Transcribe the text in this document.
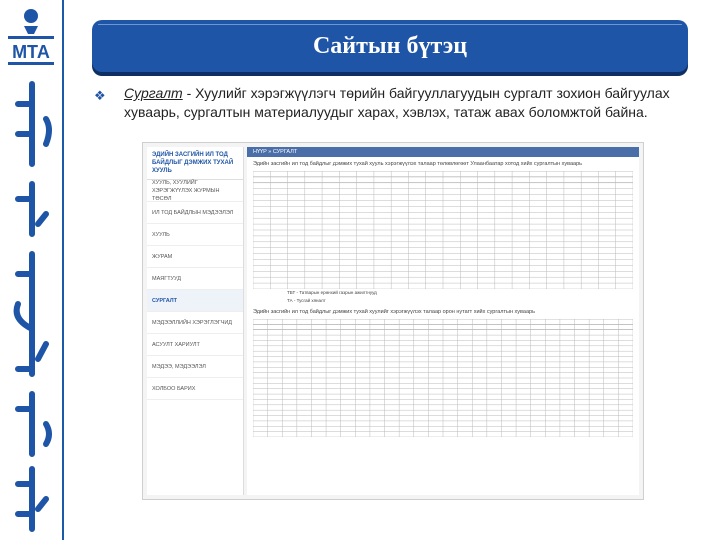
МТА	Сайтын бүтэц
❖ Сургалт - Хуулийг хэрэгжүүлэгч төрийн байгууллагуудын сургалт зохион байгуулах хуваарь, сургалтын материалуудыг харах, хэвлэх, татаж авах боломжтой байна.
ЭДИЙН ЗАСГИЙН ИЛ ТОД БАЙДЛЫГ ДЭМЖИХ ТУХАЙ ХУУЛЬ
ХУУЛЬ, ХУУЛИЙГ ХЭРЭГЖҮҮЛЭХ ЖУРМЫН ТӨСӨЛ
ИЛ ТОД БАЙДЛЫН МЭДЭЭЛЭЛ
ХУУЛЬ
ЖУРАМ
МАЯГТУУД
СУРГАЛТ
МЭДЭЭЛЛИЙН ХЭРЭГЛЭГЧИД
АСУУЛТ ХАРИУЛТ
МЭДЭЭ, МЭДЭЭЛЭЛ
ХОЛБОО БАРИХ
НҮҮР » СУРГАЛТ
Эдийн засгийн ил тод байдлыг дэмжих тухай хууль хэрэгжүүлэх талаар төлөвлөгөөт Улаанбаатар хотод хийх сургалтын хуваарь
ТБТ - Татварын ерөнхий газрын ажилтнууд
ТА - Тусгай хяналт
Эдийн засгийн ил тод байдлыг дэмжих тухай хуулийг хэрэгжүүлэх талаар орон нутагт хийх сургалтын хуваарь
